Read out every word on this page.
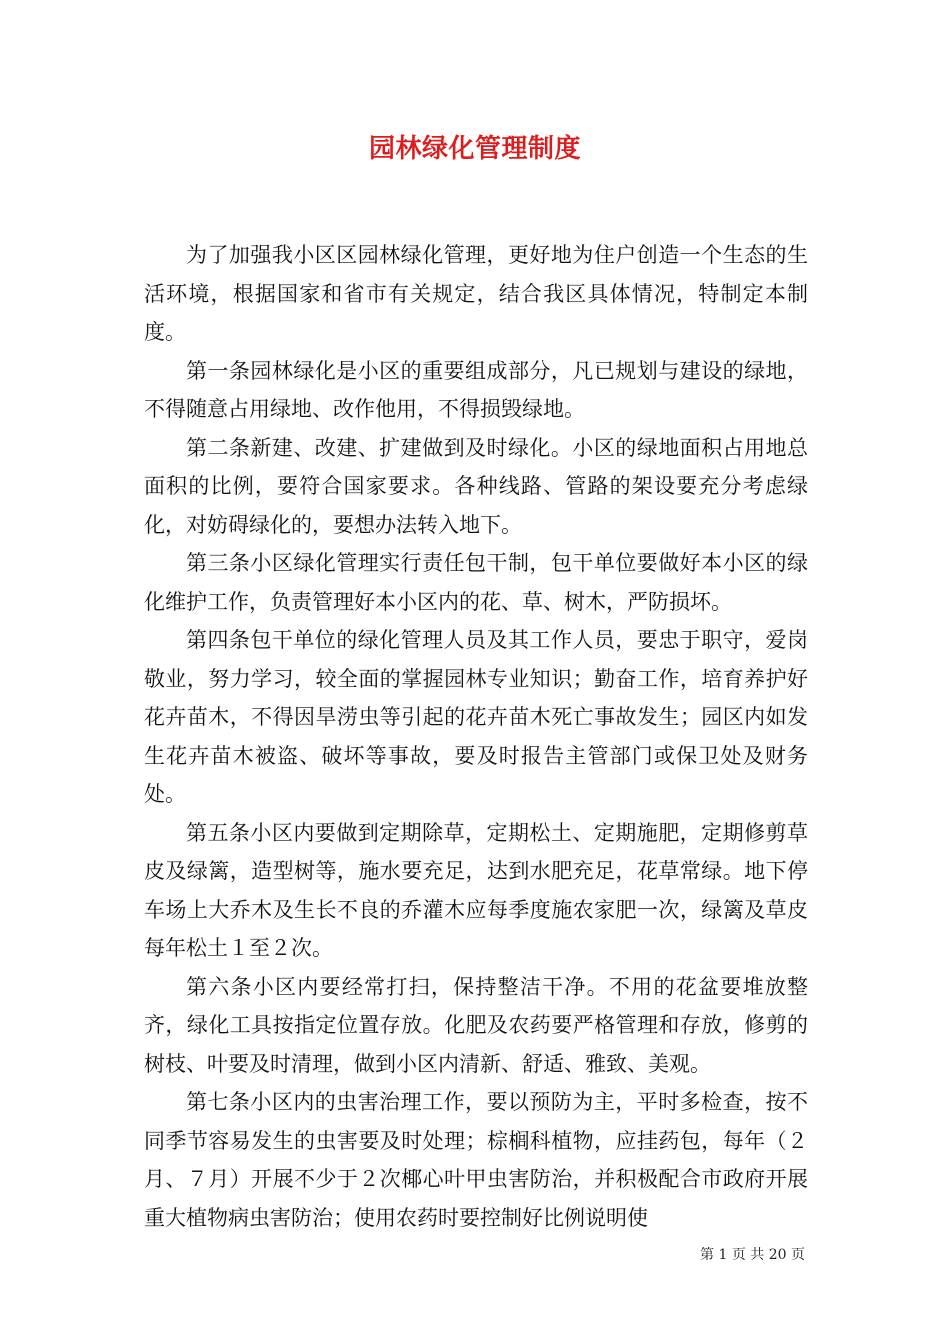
园林绿化管理制度

为了加强我小区区园林绿化管理，更好地为住户创造一个生态的生活环境，根据国家和省市有关规定，结合我区具体情况，特制定本制度。

第一条园林绿化是小区的重要组成部分，凡已规划与建设的绿地，不得随意占用绿地、改作他用，不得损毁绿地。

第二条新建、改建、扩建做到及时绿化。小区的绿地面积占用地总面积的比例，要符合国家要求。各种线路、管路的架设要充分考虑绿化，对妨碍绿化的，要想办法转入地下。

第三条小区绿化管理实行责任包干制，包干单位要做好本小区的绿化维护工作，负责管理好本小区内的花、草、树木，严防损坏。

第四条包干单位的绿化管理人员及其工作人员，要忠于职守，爱岗敬业，努力学习，较全面的掌握园林专业知识；勤奋工作，培育养护好花卉苗木，不得因旱涝虫等引起的花卉苗木死亡事故发生；园区内如发生花卉苗木被盗、破坏等事故，要及时报告主管部门或保卫处及财务处。

第五条小区内要做到定期除草，定期松土、定期施肥，定期修剪草皮及绿篱，造型树等，施水要充足，达到水肥充足，花草常绿。地下停车场上大乔木及生长不良的乔灌木应每季度施农家肥一次，绿篱及草皮每年松土１至２次。

第六条小区内要经常打扫，保持整洁干净。不用的花盆要堆放整齐，绿化工具按指定位置存放。化肥及农药要严格管理和存放，修剪的树枝、叶要及时清理，做到小区内清新、舒适、雅致、美观。

第七条小区内的虫害治理工作，要以预防为主，平时多检查，按不同季节容易发生的虫害要及时处理；棕榈科植物，应挂药包，每年（２月、７月）开展不少于２次椰心叶甲虫害防治，并积极配合市政府开展重大植物病虫害防治；使用农药时要控制好比例说明使

第 1 页 共 20 页
